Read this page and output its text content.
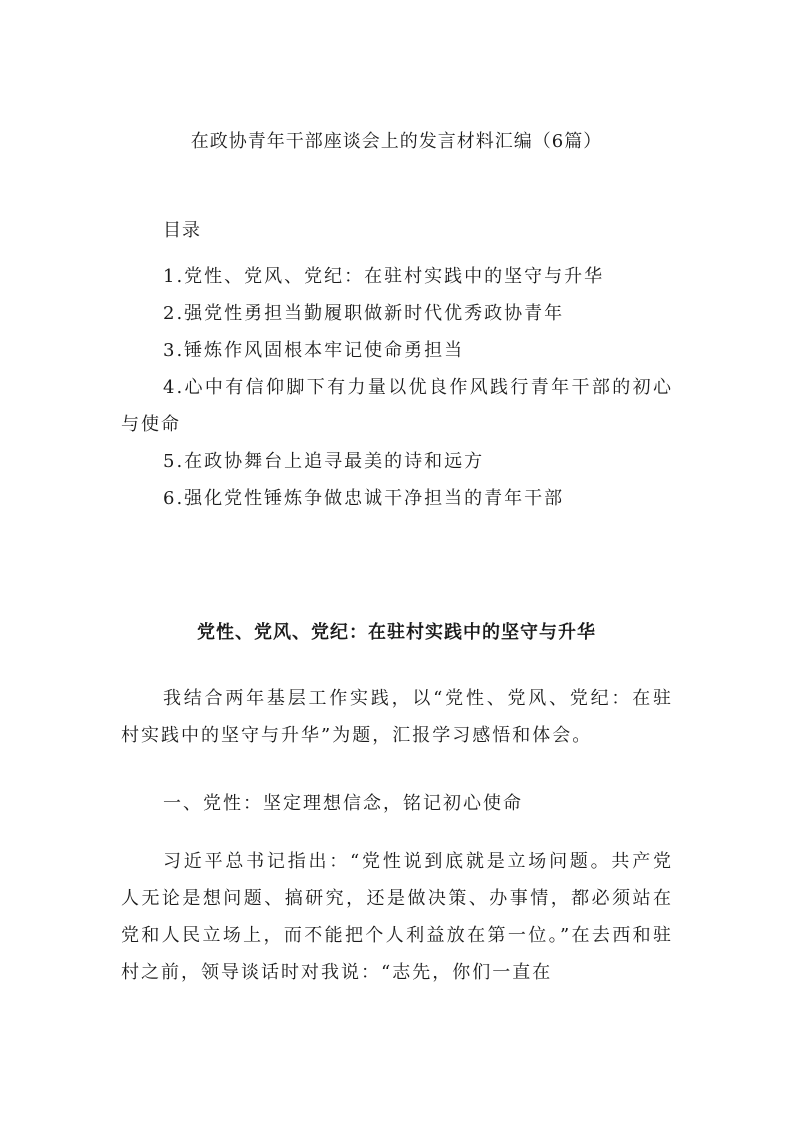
在政协青年干部座谈会上的发言材料汇编（6篇）
目录
1.党性、党风、党纪：在驻村实践中的坚守与升华
2.强党性勇担当勤履职做新时代优秀政协青年
3.锤炼作风固根本牢记使命勇担当
4.心中有信仰脚下有力量以优良作风践行青年干部的初心与使命
5.在政协舞台上追寻最美的诗和远方
6.强化党性锤炼争做忠诚干净担当的青年干部
党性、党风、党纪：在驻村实践中的坚守与升华

我结合两年基层工作实践，以“党性、党风、党纪：在驻村实践中的坚守与升华”为题，汇报学习感悟和体会。

一、党性：坚定理想信念，铭记初心使命

习近平总书记指出：“党性说到底就是立场问题。共产党人无论是想问题、搞研究，还是做决策、办事情，都必须站在党和人民立场上，而不能把个人利益放在第一位。”在去西和驻村之前，领导谈话时对我说：“志先，你们一直在
